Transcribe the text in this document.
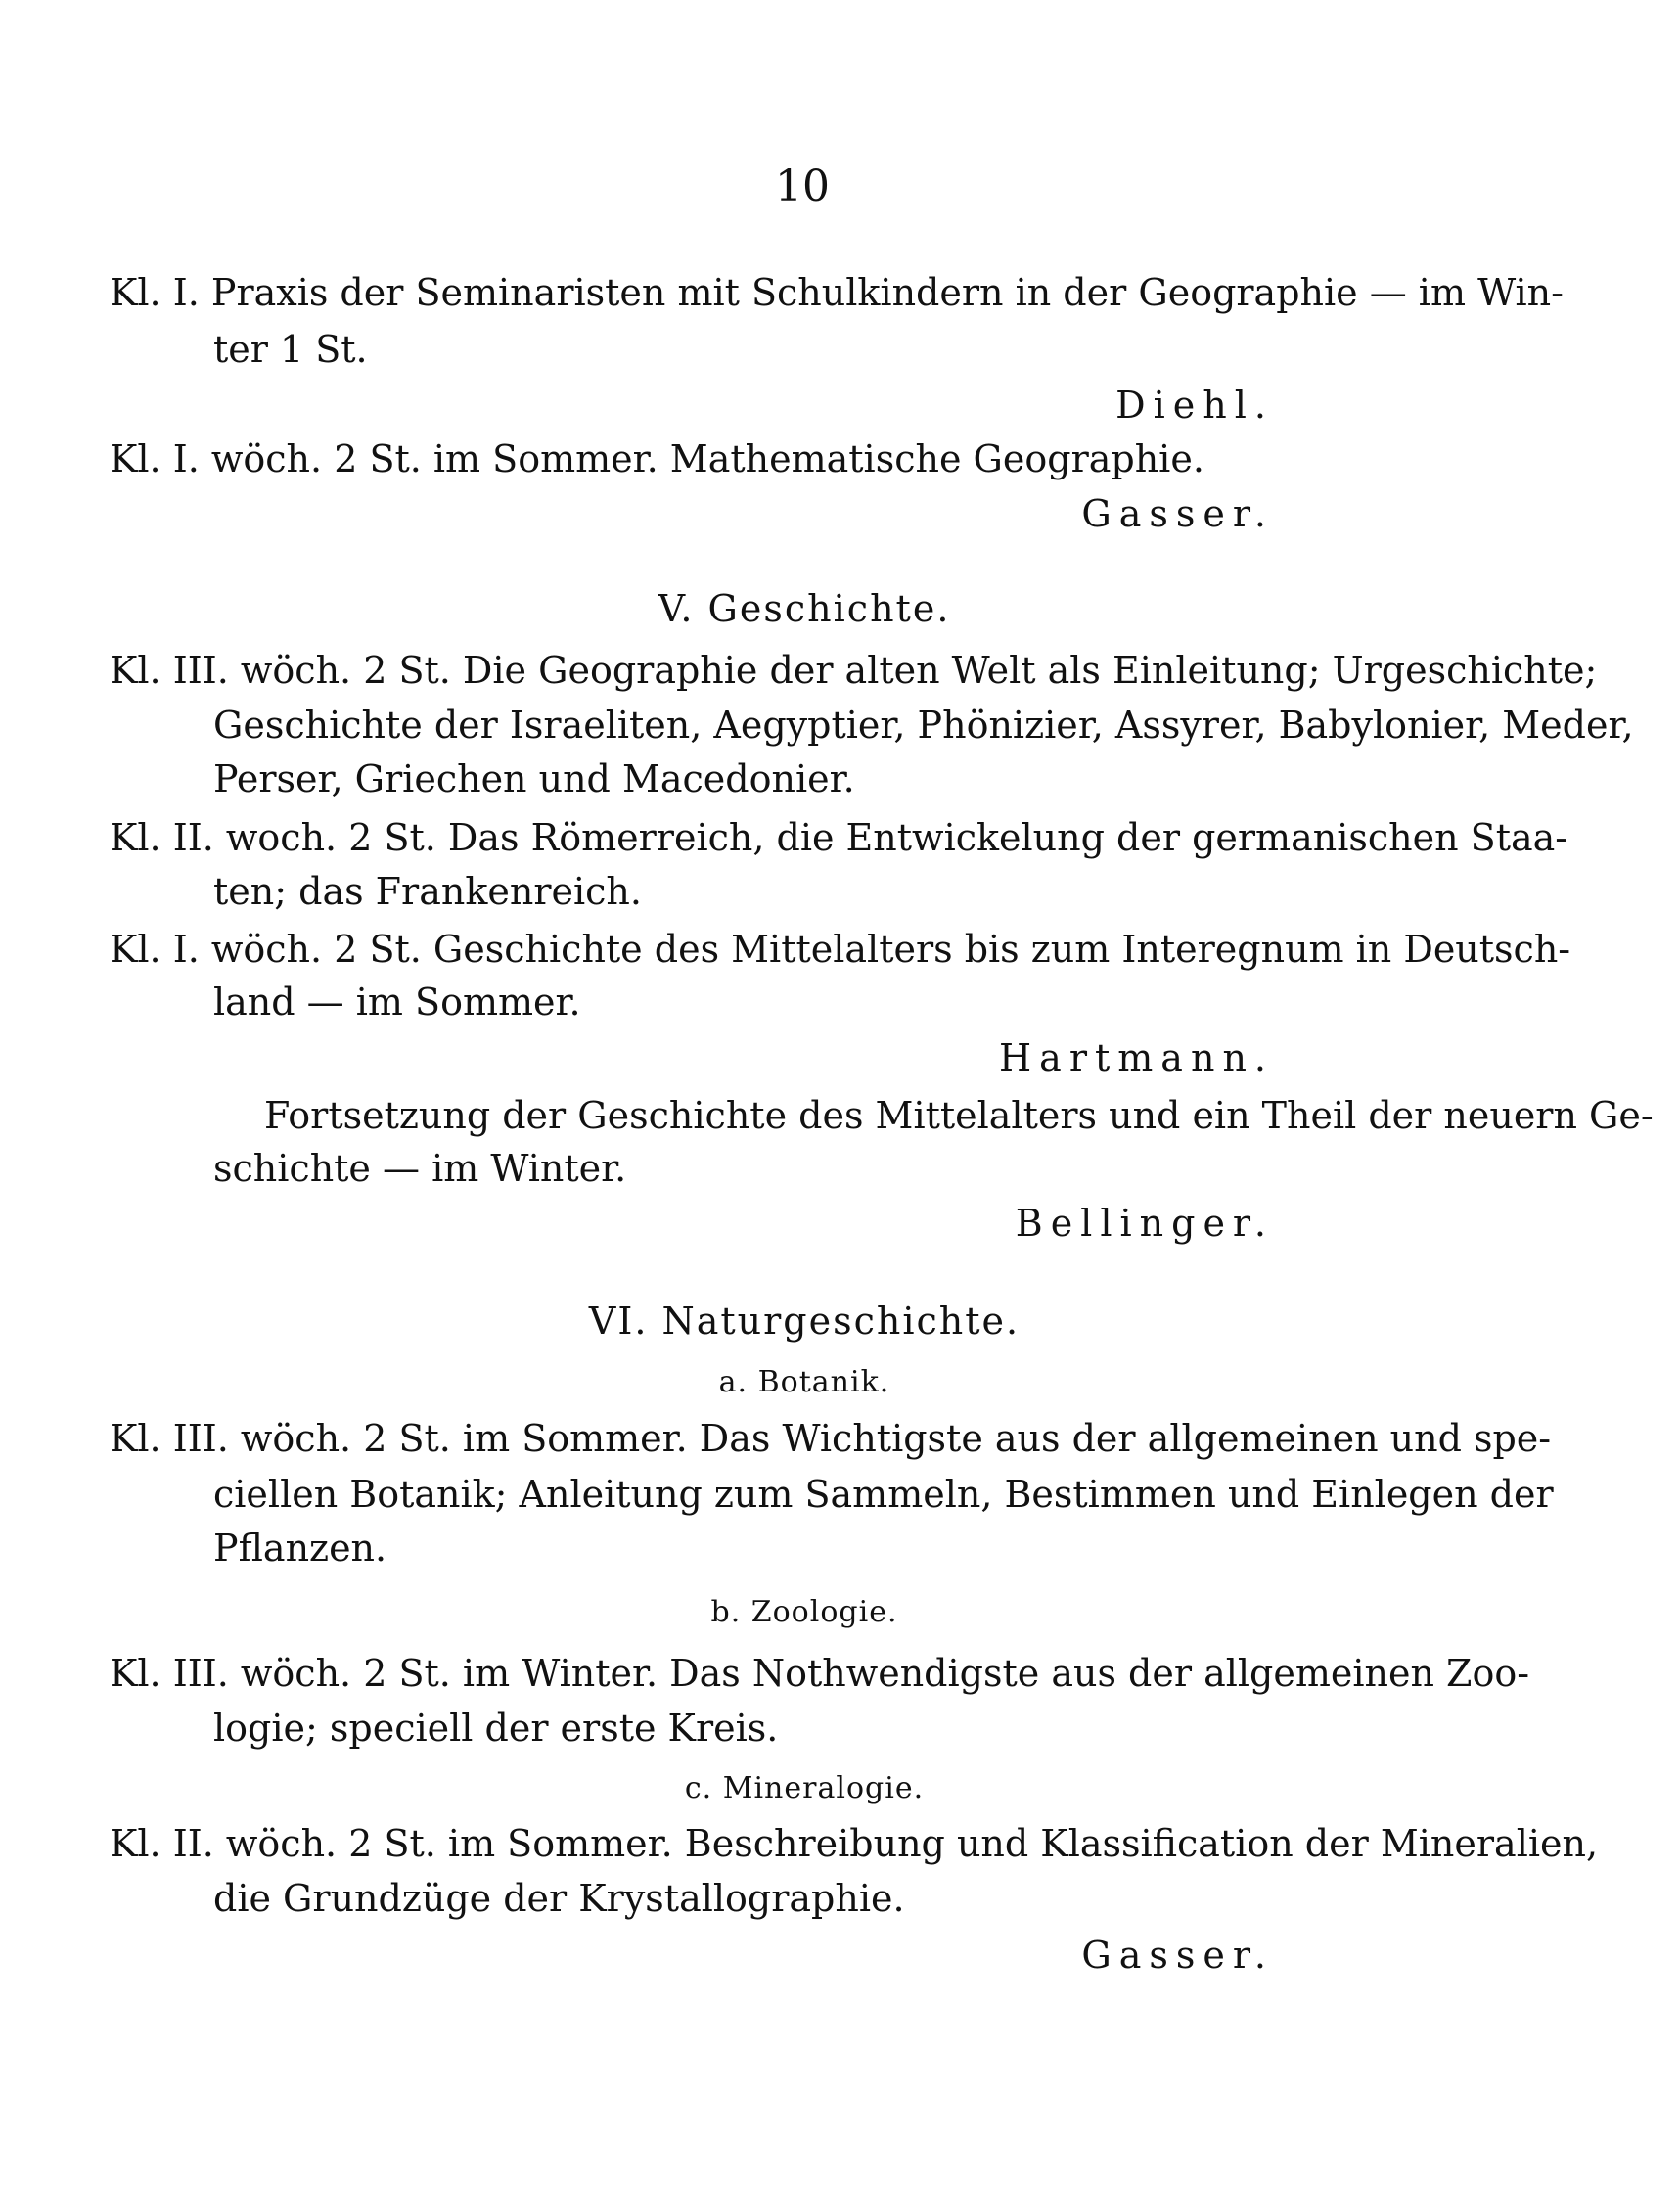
10
Kl. I. Praxis der Seminaristen mit Schulkindern in der Geographie — im Win-
ter 1 St.
Diehl.
Kl. I. wöch. 2 St. im Sommer. Mathematische Geographie.
Gasser.
V. Geschichte.
Kl. III. wöch. 2 St. Die Geographie der alten Welt als Einleitung; Urgeschichte;
Geschichte der Israeliten, Aegyptier, Phönizier, Assyrer, Babylonier, Meder,
Perser, Griechen und Macedonier.
Kl. II. woch. 2 St. Das Römerreich, die Entwickelung der germanischen Staa-
ten; das Frankenreich.
Kl. I. wöch. 2 St. Geschichte des Mittelalters bis zum Interegnum in Deutsch-
land — im Sommer.
Hartmann.
Fortsetzung der Geschichte des Mittelalters und ein Theil der neuern Ge-
schichte — im Winter.
Bellinger.
VI. Naturgeschichte.
a. Botanik.
Kl. III. wöch. 2 St. im Sommer. Das Wichtigste aus der allgemeinen und spe-
ciellen Botanik; Anleitung zum Sammeln, Bestimmen und Einlegen der
Pflanzen.
b. Zoologie.
Kl. III. wöch. 2 St. im Winter. Das Nothwendigste aus der allgemeinen Zoo-
logie; speciell der erste Kreis.
c. Mineralogie.
Kl. II. wöch. 2 St. im Sommer. Beschreibung und Klassification der Mineralien,
die Grundzüge der Krystallographie.
Gasser.
